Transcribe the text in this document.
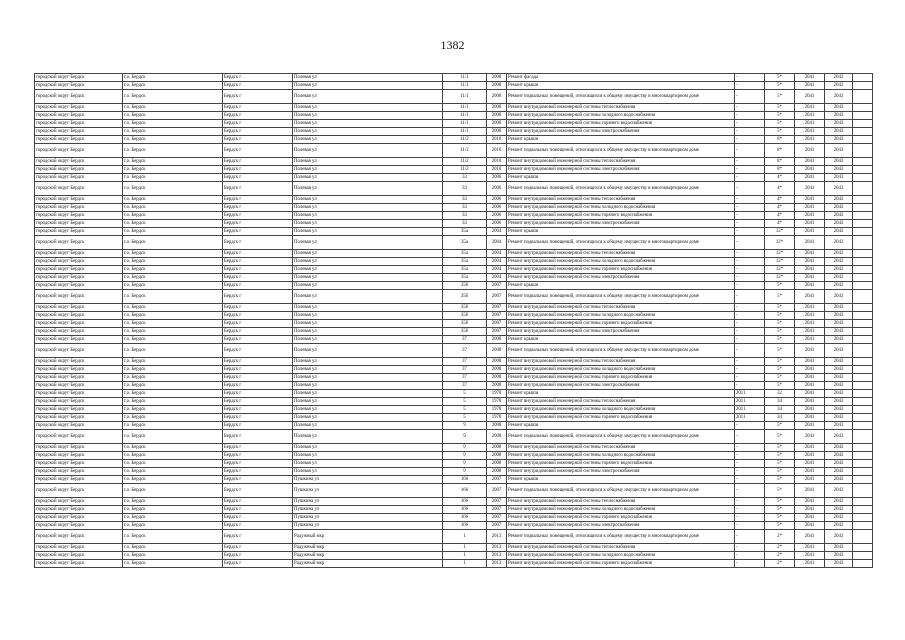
1382
городской округ Бердск	г.о. Бердск	Бердск г	Полевая ул	11/1	2008	Ремонт фасада	-	5*	2041	2043	
городской округ Бердск	г.о. Бердск	Бердск г	Полевая ул	11/1	2008	Ремонт крыши	-	5*	2041	2043	
городской округ Бердск	г.о. Бердск	Бердск г	Полевая ул	11/1	2008	Ремонт подвальных помещений, относящихся к общему имуществу в многоквартирном доме	-	5*	2041	2043	
городской округ Бердск	г.о. Бердск	Бердск г	Полевая ул	11/1	2008	Ремонт внутридомовой инженерной системы теплоснабжения	-	5*	2041	2043	
городской округ Бердск	г.о. Бердск	Бердск г	Полевая ул	11/1	2008	Ремонт внутридомовой инженерной системы холодного водоснабжения	-	5*	2041	2043	
городской округ Бердск	г.о. Бердск	Бердск г	Полевая ул	11/1	2008	Ремонт внутридомовой инженерной системы горячего водоснабжения	-	5*	2041	2043	
городской округ Бердск	г.о. Бердск	Бердск г	Полевая ул	11/1	2008	Ремонт внутридомовой инженерной системы электроснабжения	-	5*	2041	2043	
городской округ Бердск	г.о. Бердск	Бердск г	Полевая ул	11/2	2010	Ремонт крыши	-	8*	2041	2043	
городской округ Бердск	г.о. Бердск	Бердск г	Полевая ул	11/2	2010	Ремонт подвальных помещений, относящихся к общему имуществу в многоквартирном доме	-	8*	2041	2043	
городской округ Бердск	г.о. Бердск	Бердск г	Полевая ул	11/2	2010	Ремонт внутридомовой инженерной системы теплоснабжения	-	8*	2041	2043	
городской округ Бердск	г.о. Бердск	Бердск г	Полевая ул	11/2	2010	Ремонт внутридомовой инженерной системы электроснабжения	-	8*	2041	2043	
городской округ Бердск	г.о. Бердск	Бердск г	Полевая ул	33	2006	Ремонт крыши	-	4*	2041	2043	
городской округ Бердск	г.о. Бердск	Бердск г	Полевая ул	33	2006	Ремонт подвальных помещений, относящихся к общему имуществу в многоквартирном доме	-	4*	2041	2043	
городской округ Бердск	г.о. Бердск	Бердск г	Полевая ул	33	2006	Ремонт внутридомовой инженерной системы теплоснабжения	-	4*	2041	2043	
городской округ Бердск	г.о. Бердск	Бердск г	Полевая ул	33	2006	Ремонт внутридомовой инженерной системы холодного водоснабжения	-	4*	2041	2043	
городской округ Бердск	г.о. Бердск	Бердск г	Полевая ул	33	2006	Ремонт внутридомовой инженерной системы горячего водоснабжения	-	4*	2041	2043	
городской округ Бердск	г.о. Бердск	Бердск г	Полевая ул	33	2006	Ремонт внутридомовой инженерной системы электроснабжения	-	4*	2041	2043	
городской округ Бердск	г.о. Бердск	Бердск г	Полевая ул	35а	2004	Ремонт крыши	-	12*	2041	2043	
городской округ Бердск	г.о. Бердск	Бердск г	Полевая ул	35а	2004	Ремонт подвальных помещений, относящихся к общему имуществу в многоквартирном доме	-	12*	2041	2043	
городской округ Бердск	г.о. Бердск	Бердск г	Полевая ул	35а	2004	Ремонт внутридомовой инженерной системы теплоснабжения	-	12*	2041	2043	
городской округ Бердск	г.о. Бердск	Бердск г	Полевая ул	35а	2004	Ремонт внутридомовой инженерной системы холодного водоснабжения	-	12*	2041	2043	
городской округ Бердск	г.о. Бердск	Бердск г	Полевая ул	35а	2004	Ремонт внутридомовой инженерной системы горячего водоснабжения	-	12*	2041	2043	
городской округ Бердск	г.о. Бердск	Бердск г	Полевая ул	35а	2004	Ремонт внутридомовой инженерной системы электроснабжения	-	12*	2041	2043	
городской округ Бердск	г.о. Бердск	Бердск г	Полевая ул	35б	2007	Ремонт крыши	-	5*	2041	2043	
городской округ Бердск	г.о. Бердск	Бердск г	Полевая ул	35б	2007	Ремонт подвальных помещений, относящихся к общему имуществу в многоквартирном доме	-	5*	2041	2043	
городской округ Бердск	г.о. Бердск	Бердск г	Полевая ул	35б	2007	Ремонт внутридомовой инженерной системы теплоснабжения	-	5*	2041	2043	
городской округ Бердск	г.о. Бердск	Бердск г	Полевая ул	35б	2007	Ремонт внутридомовой инженерной системы холодного водоснабжения	-	5*	2041	2043	
городской округ Бердск	г.о. Бердск	Бердск г	Полевая ул	35б	2007	Ремонт внутридомовой инженерной системы горячего водоснабжения	-	5*	2041	2043	
городской округ Бердск	г.о. Бердск	Бердск г	Полевая ул	35б	2007	Ремонт внутридомовой инженерной системы электроснабжения	-	5*	2041	2043	
городской округ Бердск	г.о. Бердск	Бердск г	Полевая ул	37	2008	Ремонт крыши	-	5*	2041	2043	
городской округ Бердск	г.о. Бердск	Бердск г	Полевая ул	37	2008	Ремонт подвальных помещений, относящихся к общему имуществу в многоквартирном доме	-	5*	2041	2043	
городской округ Бердск	г.о. Бердск	Бердск г	Полевая ул	37	2008	Ремонт внутридомовой инженерной системы теплоснабжения	-	5*	2041	2043	
городской округ Бердск	г.о. Бердск	Бердск г	Полевая ул	37	2008	Ремонт внутридомовой инженерной системы холодного водоснабжения	-	5*	2041	2043	
городской округ Бердск	г.о. Бердск	Бердск г	Полевая ул	37	2008	Ремонт внутридомовой инженерной системы горячего водоснабжения	-	5*	2041	2043	
городской округ Бердск	г.о. Бердск	Бердск г	Полевая ул	37	2008	Ремонт внутридомовой инженерной системы электроснабжения	-	5*	2041	2043	
городской округ Бердск	г.о. Бердск	Бердск г	Полевая ул	5	1978	Ремонт крыши	2011	32	2041	2043	
городской округ Бердск	г.о. Бердск	Бердск г	Полевая ул	5	1978	Ремонт внутридомовой инженерной системы теплоснабжения	2011	34	2041	2043	
городской округ Бердск	г.о. Бердск	Бердск г	Полевая ул	5	1978	Ремонт внутридомовой инженерной системы холодного водоснабжения	2011	34	2041	2043	
городской округ Бердск	г.о. Бердск	Бердск г	Полевая ул	5	1978	Ремонт внутридомовой инженерной системы горячего водоснабжения	2011	34	2041	2043	
городской округ Бердск	г.о. Бердск	Бердск г	Полевая ул	9	2008	Ремонт крыши	-	5*	2041	2043	
городской округ Бердск	г.о. Бердск	Бердск г	Полевая ул	9	2008	Ремонт подвальных помещений, относящихся к общему имуществу в многоквартирном доме	-	5*	2041	2043	
городской округ Бердск	г.о. Бердск	Бердск г	Полевая ул	9	2008	Ремонт внутридомовой инженерной системы теплоснабжения	-	5*	2041	2043	
городской округ Бердск	г.о. Бердск	Бердск г	Полевая ул	9	2008	Ремонт внутридомовой инженерной системы холодного водоснабжения	-	5*	2041	2043	
городской округ Бердск	г.о. Бердск	Бердск г	Полевая ул	9	2008	Ремонт внутридомовой инженерной системы горячего водоснабжения	-	5*	2041	2043	
городской округ Бердск	г.о. Бердск	Бердск г	Полевая ул	9	2008	Ремонт внутридомовой инженерной системы электроснабжения	-	5*	2041	2043	
городской округ Бердск	г.о. Бердск	Бердск г	Пушкина ул	166	2007	Ремонт крыши	-	5*	2041	2043	
городской округ Бердск	г.о. Бердск	Бердск г	Пушкина ул	166	2007	Ремонт подвальных помещений, относящихся к общему имуществу в многоквартирном доме	-	5*	2041	2043	
городской округ Бердск	г.о. Бердск	Бердск г	Пушкина ул	166	2007	Ремонт внутридомовой инженерной системы теплоснабжения	-	5*	2041	2043	
городской округ Бердск	г.о. Бердск	Бердск г	Пушкина ул	166	2007	Ремонт внутридомовой инженерной системы холодного водоснабжения	-	5*	2041	2043	
городской округ Бердск	г.о. Бердск	Бердск г	Пушкина ул	166	2007	Ремонт внутридомовой инженерной системы горячего водоснабжения	-	5*	2041	2043	
городской округ Бердск	г.о. Бердск	Бердск г	Пушкина ул	166	2007	Ремонт внутридомовой инженерной системы электроснабжения	-	5*	2041	2043	
городской округ Бердск	г.о. Бердск	Бердск г	Радужный мкр	1	2013	Ремонт подвальных помещений, относящихся к общему имуществу в многоквартирном доме	-	2*	2041	2043	
городской округ Бердск	г.о. Бердск	Бердск г	Радужный мкр	1	2013	Ремонт внутридомовой инженерной системы теплоснабжения	-	2*	2041	2043	
городской округ Бердск	г.о. Бердск	Бердск г	Радужный мкр	1	2013	Ремонт внутридомовой инженерной системы холодного водоснабжения	-	2*	2041	2043	
городской округ Бердск	г.о. Бердск	Бердск г	Радужный мкр	1	2013	Ремонт внутридомовой инженерной системы горячего водоснабжения	-	2*	2041	2043	
